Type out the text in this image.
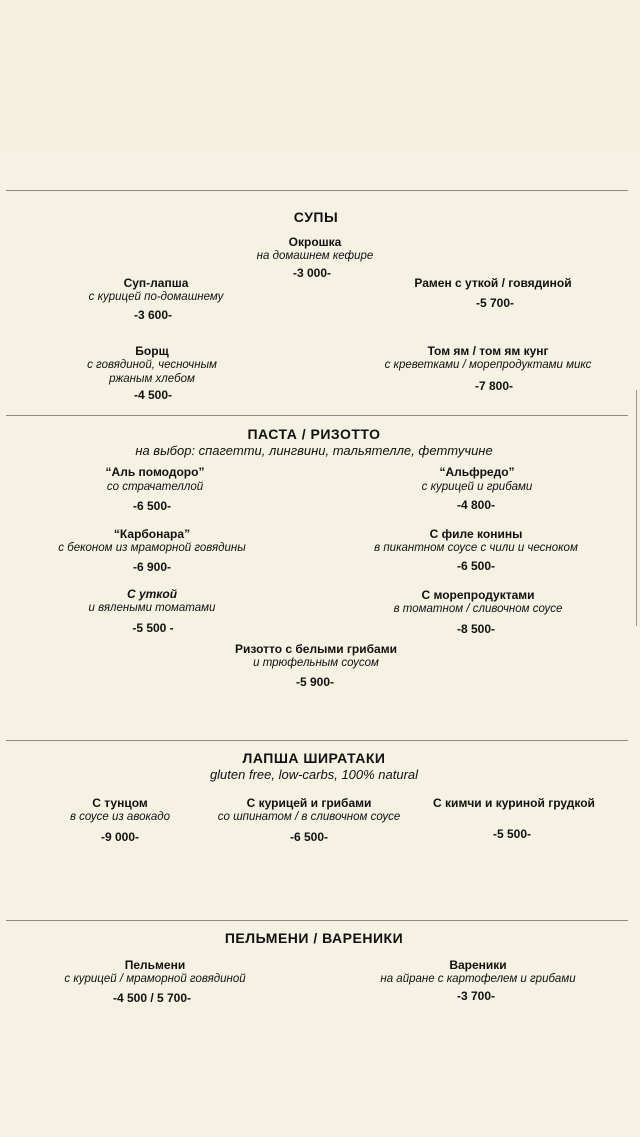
СУПЫ
Окрошка
на домашнем кефире
-3 000-
Суп-лапша
с курицей по-домашнему
-3 600-
Рамен с уткой / говядиной
-5 700-
Борщ
с говядиной, чесночным
ржаным хлебом
-4 500-
Том ям / том ям кунг
с креветками / морепродуктами микс
-7 800-
ПАСТА / РИЗОТТО
на выбор: спагетти, лингвини, тальятелле, феттучине
“Аль помодоро”
со страчателлой
-6 500-
“Альфредо”
с курицей и грибами
-4 800-
“Карбонара”
с беконом из мраморной говядины
-6 900-
С филе конины
в пикантном соусе с чили и чесноком
-6 500-
С уткой
и вялеными томатами
-5 500 -
С морепродуктами
в томатном / сливочном соусе
-8 500-
Ризотто с белыми грибами
и трюфельным соусом
-5 900-
ЛАПША ШИРАТАКИ
gluten free, low-carbs, 100% natural
С тунцом
в соусе из авокадо
-9 000-
С курицей и грибами
со шпинатом / в сливочном соусе
-6 500-
С кимчи и куриной грудкой
-5 500-
ПЕЛЬМЕНИ / ВАРЕНИКИ
Пельмени
с курицей / мраморной говядиной
-4 500 / 5 700-
Вареники
на айране с картофелем и грибами
-3 700-
